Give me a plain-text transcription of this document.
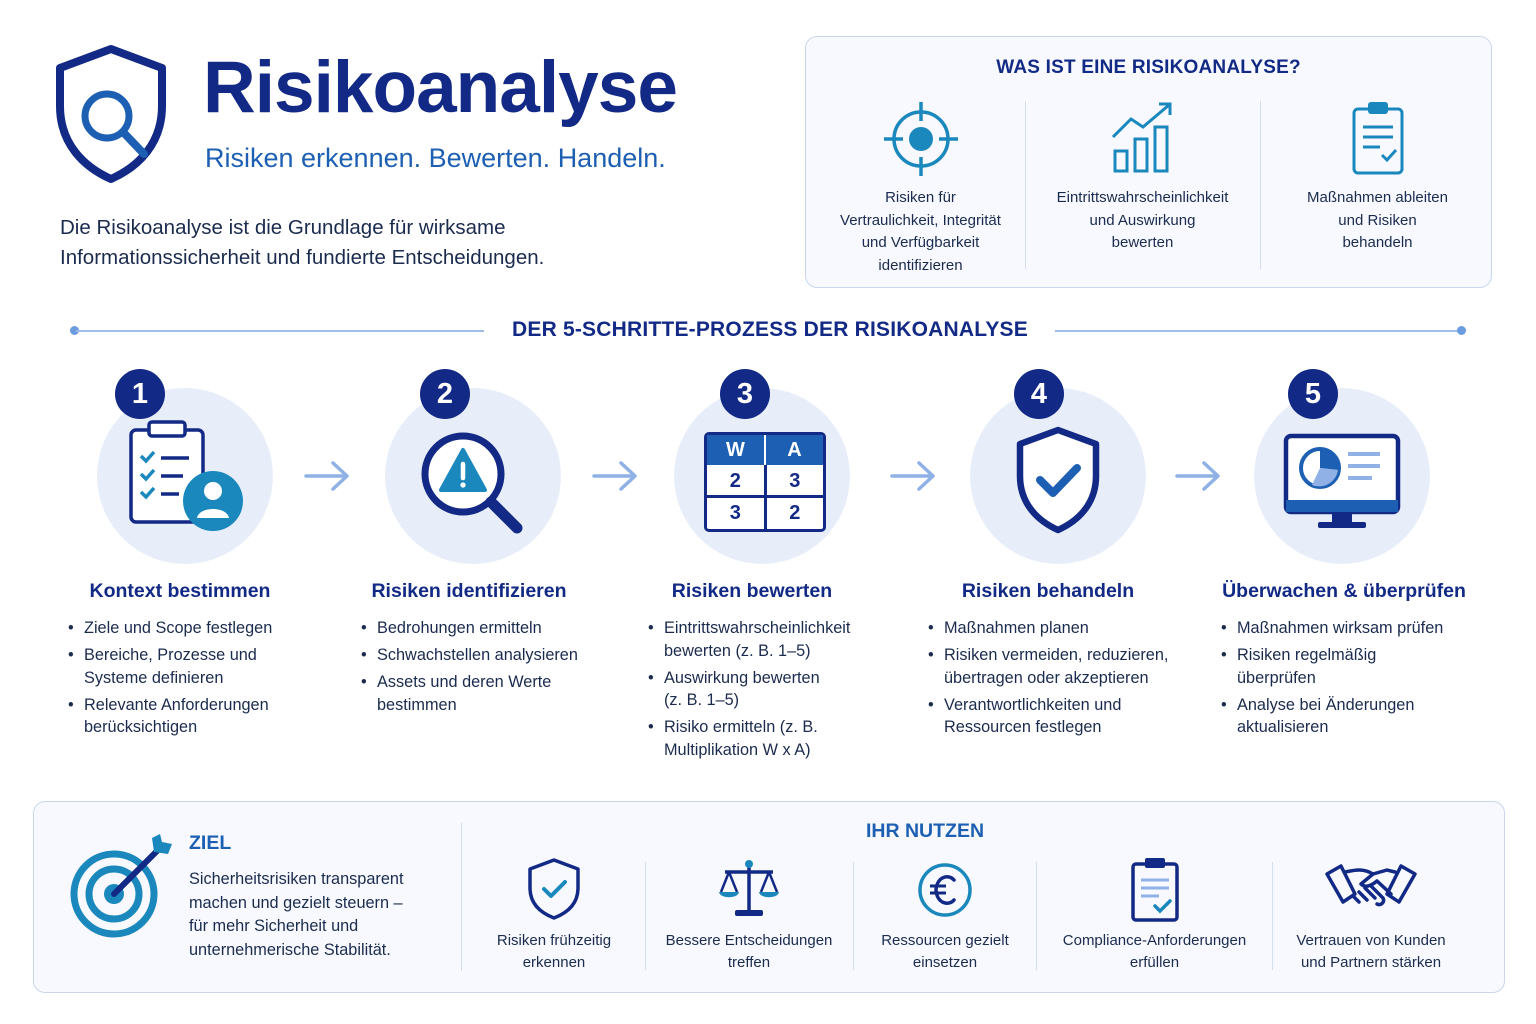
Risikoanalyse
Risiken erkennen. Bewerten. Handeln.
Die Risikoanalyse ist die Grundlage für wirksame
Informationssicherheit und fundierte Entscheidungen.
WAS IST EINE RISIKOANALYSE?
Risiken für
Vertraulichkeit, Integrität
und Verfügbarkeit
identifizieren
Eintrittswahrscheinlichkeit
und Auswirkung
bewerten
Maßnahmen ableiten
und Risiken
behandeln
DER 5-SCHRITTE-PROZESS DER RISIKOANALYSE
1
Kontext bestimmen
• Ziele und Scope festlegen
• Bereiche, Prozesse und
Systeme definieren
• Relevante Anforderungen
berücksichtigen
2
Risiken identifizieren
• Bedrohungen ermitteln
• Schwachstellen analysieren
• Assets und deren Werte
bestimmen
3
W	A
2	3
3	2
Risiken bewerten
• Eintrittswahrscheinlichkeit
bewerten (z. B. 1–5)
• Auswirkung bewerten
(z. B. 1–5)
• Risiko ermitteln (z. B.
Multiplikation W x A)
4
Risiken behandeln
• Maßnahmen planen
• Risiken vermeiden, reduzieren,
übertragen oder akzeptieren
• Verantwortlichkeiten und
Ressourcen festlegen
5
Überwachen & überprüfen
• Maßnahmen wirksam prüfen
• Risiken regelmäßig
überprüfen
• Analyse bei Änderungen
aktualisieren
ZIEL
Sicherheitsrisiken transparent
machen und gezielt steuern –
für mehr Sicherheit und
unternehmerische Stabilität.
IHR NUTZEN
Risiken frühzeitig
erkennen
Bessere Entscheidungen
treffen
Ressourcen gezielt
einsetzen
Compliance-Anforderungen
erfüllen
Vertrauen von Kunden
und Partnern stärken
